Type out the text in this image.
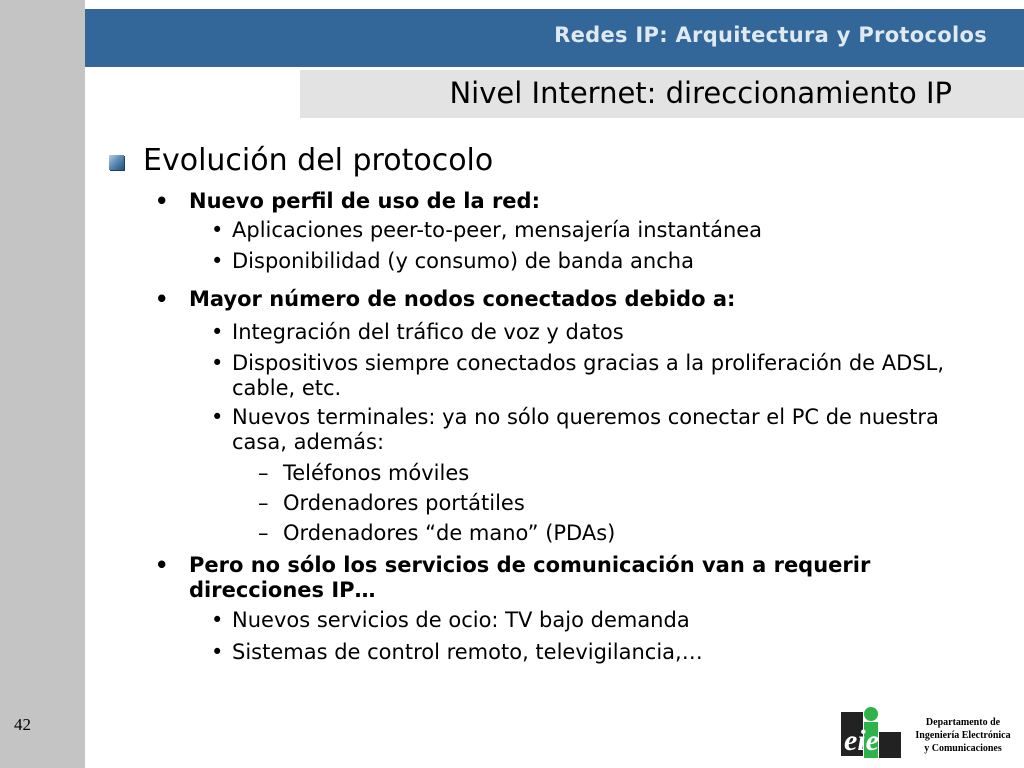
42
Redes IP: Arquitectura y Protocolos
Nivel Internet: direccionamiento IP
Evolución del protocolo
• Nuevo perfil de uso de la red:
• Aplicaciones peer-to-peer, mensajería instantánea
• Disponibilidad (y consumo) de banda ancha
• Mayor número de nodos conectados debido a:
• Integración del tráfico de voz y datos
• Dispositivos siempre conectados gracias a la proliferación de ADSL, cable, etc.
• Nuevos terminales: ya no sólo queremos conectar el PC de nuestra casa, además:
– Teléfonos móviles
– Ordenadores portátiles
– Ordenadores “de mano” (PDAs)
• Pero no sólo los servicios de comunicación van a requerir direcciones IP…
• Nuevos servicios de ocio: TV bajo demanda
• Sistemas de control remoto, televigilancia,…
eie
Departamento de
Ingeniería Electrónica
y Comunicaciones
